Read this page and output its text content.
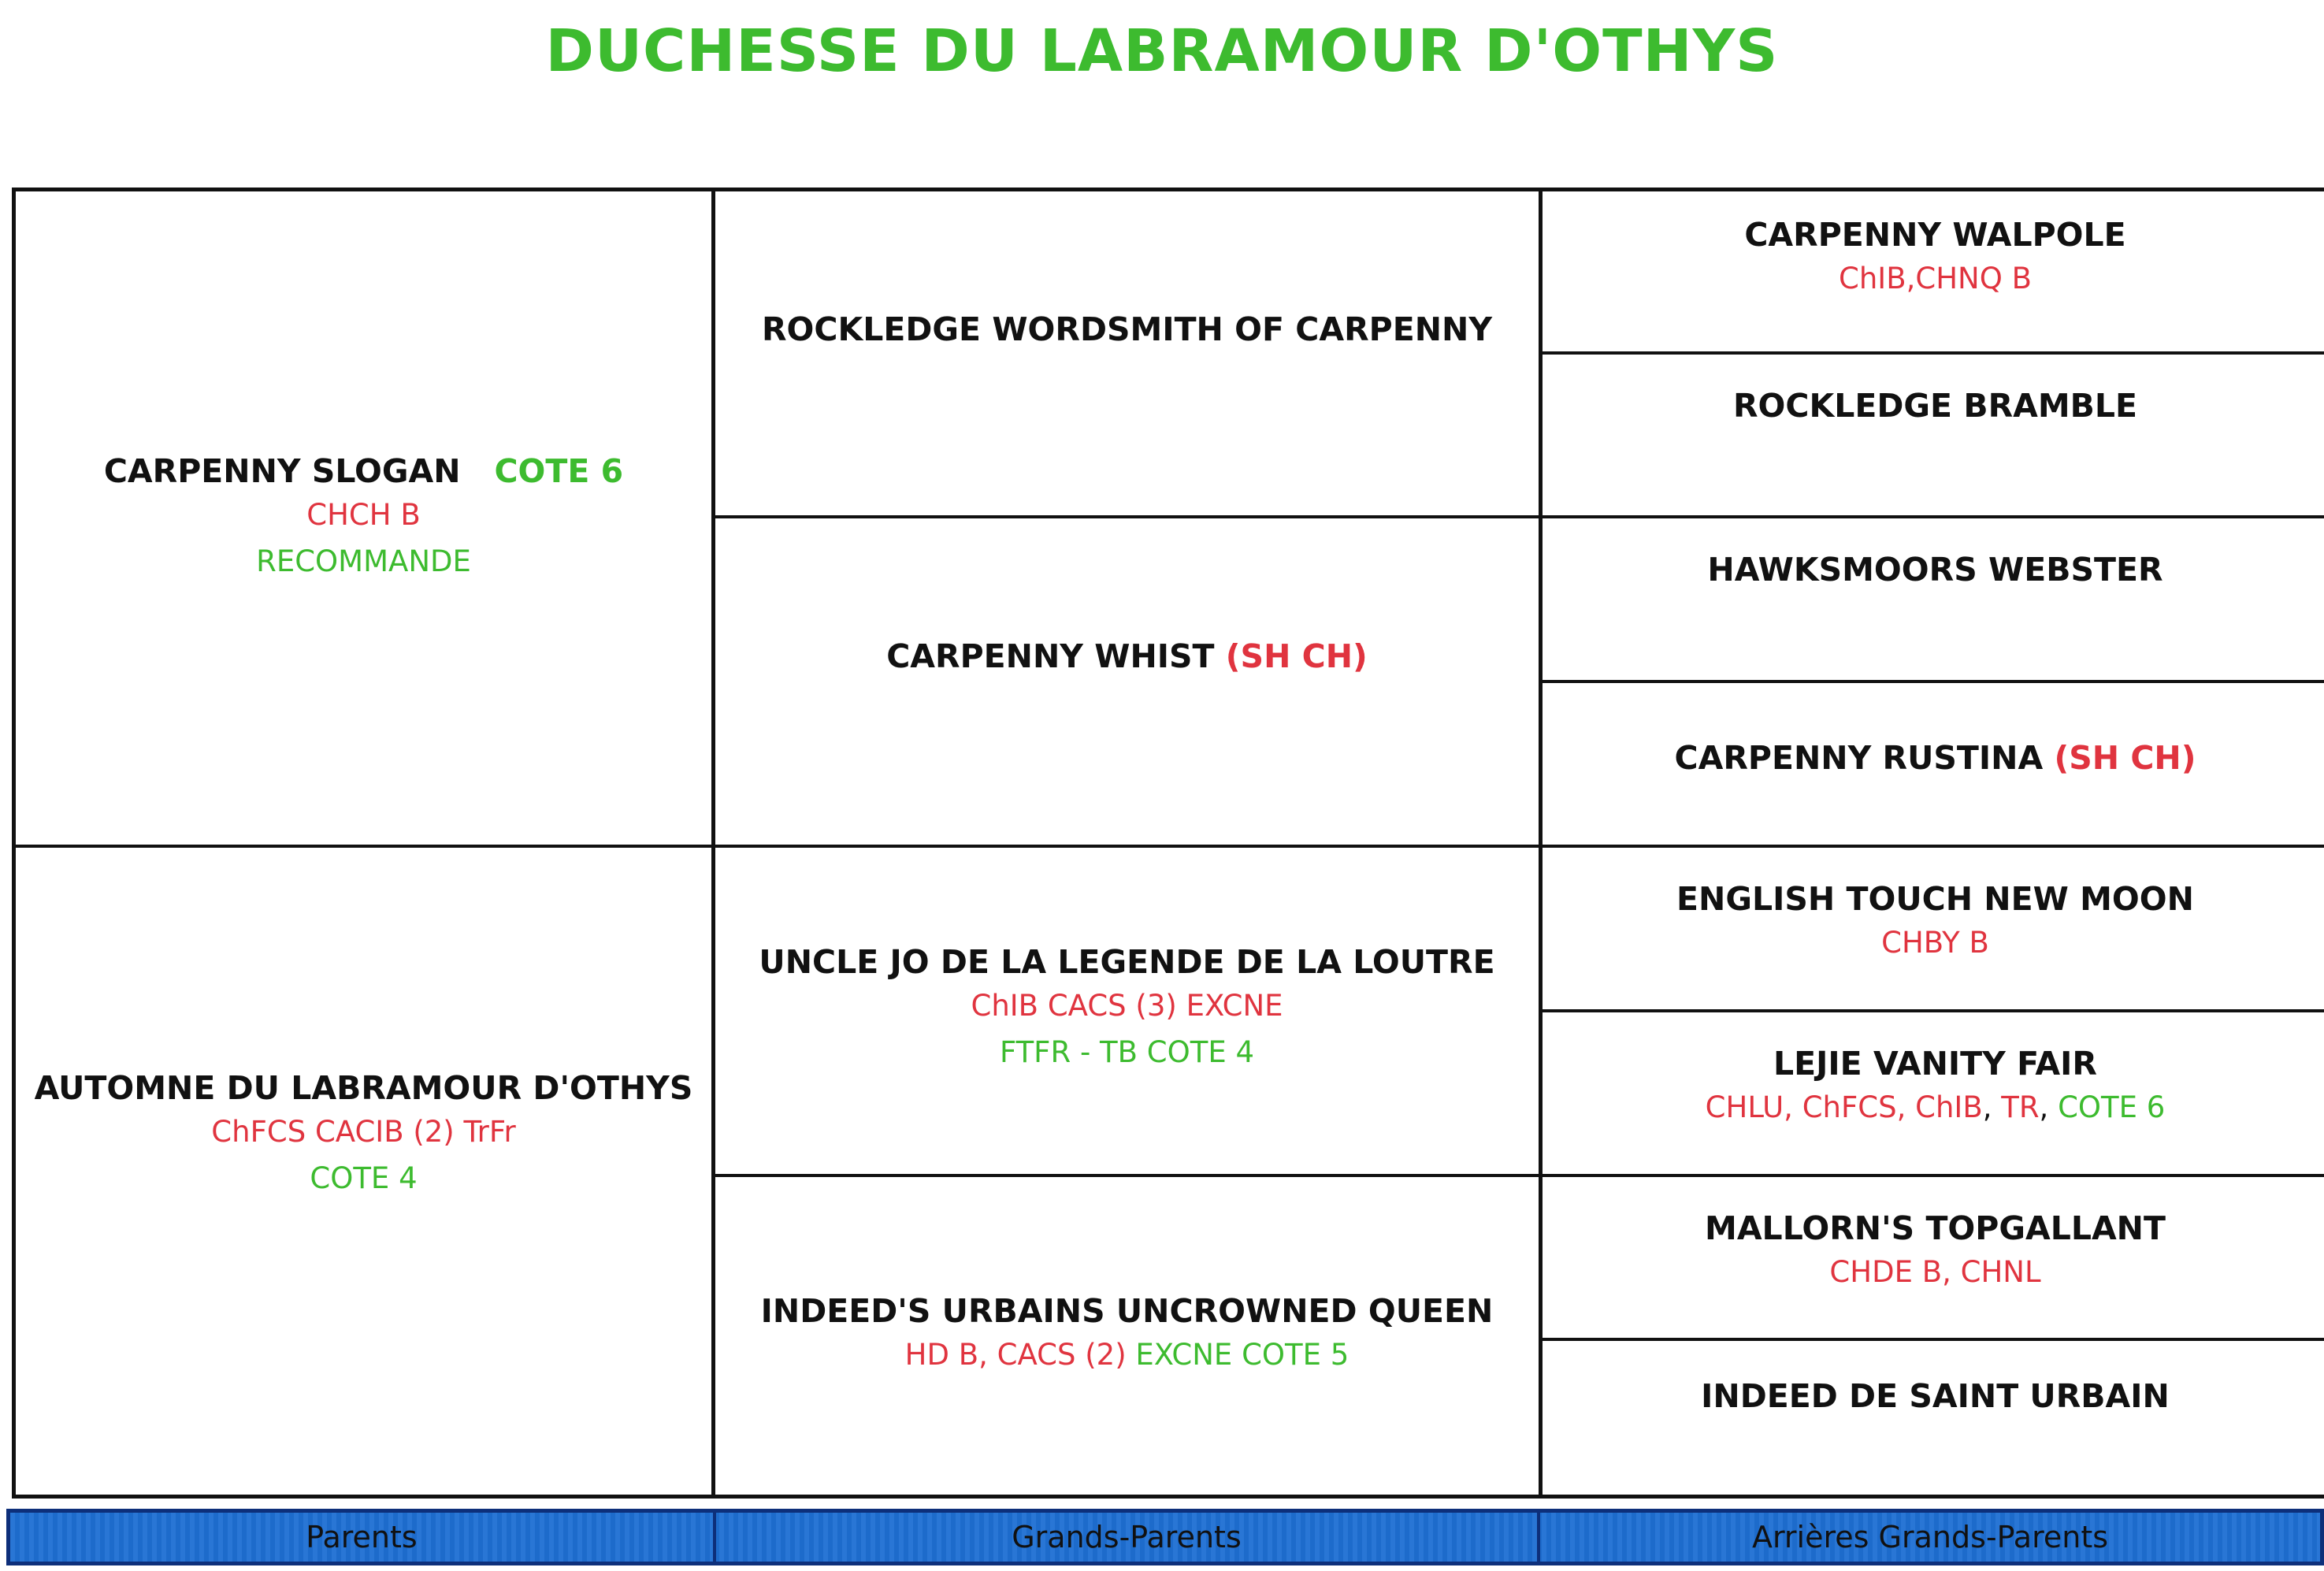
DUCHESSE DU LABRAMOUR D'OTHYS
CARPENNY SLOGAN COTE 6
CHCH B
RECOMMANDE
AUTOMNE DU LABRAMOUR D'OTHYS
ChFCS CACIB (2) TrFr
COTE 4
ROCKLEDGE WORDSMITH OF CARPENNY
CARPENNY WHIST (SH CH)
UNCLE JO DE LA LEGENDE DE LA LOUTRE
ChIB CACS (3) EXCNE
FTFR - TB COTE 4
INDEED'S URBAINS UNCROWNED QUEEN
HD B, CACS (2) EXCNE COTE 5
CARPENNY WALPOLE
ChIB,CHNQ B
ROCKLEDGE BRAMBLE
HAWKSMOORS WEBSTER
CARPENNY RUSTINA (SH CH)
ENGLISH TOUCH NEW MOON
CHBY B
LEJIE VANITY FAIR
CHLU, ChFCS, ChIB, TR, COTE 6
MALLORN'S TOPGALLANT
CHDE B, CHNL
INDEED DE SAINT URBAIN
Parents	Grands-Parents	Arrières Grands-Parents
